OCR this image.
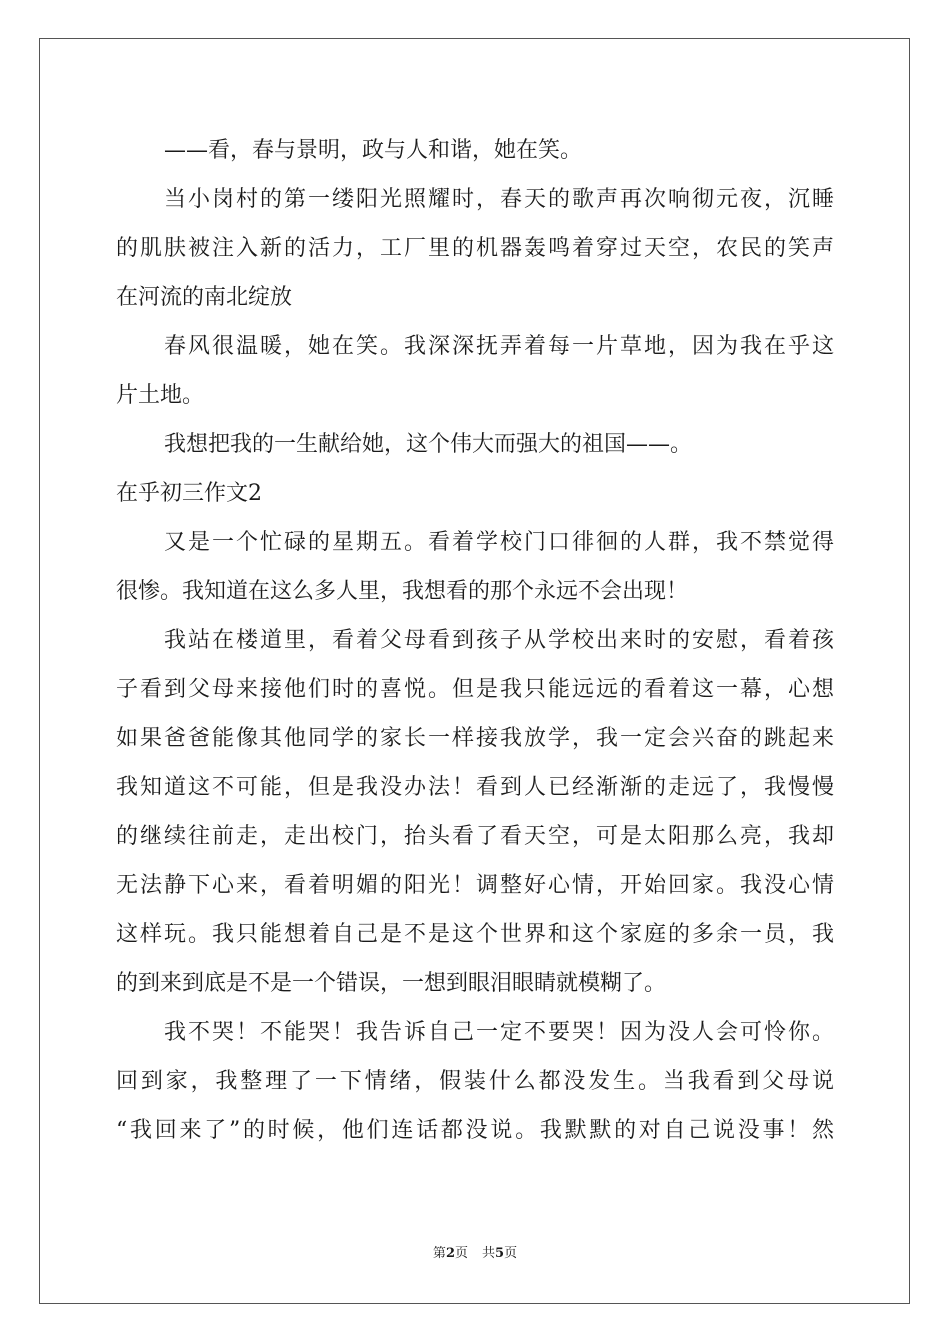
——看，春与景明，政与人和谐，她在笑。
当小岗村的第一缕阳光照耀时，春天的歌声再次响彻元夜，沉睡
的肌肤被注入新的活力，工厂里的机器轰鸣着穿过天空，农民的笑声
在河流的南北绽放
春风很温暖，她在笑。我深深抚弄着每一片草地，因为我在乎这
片土地。
我想把我的一生献给她，这个伟大而强大的祖国——。
在乎初三作文2
又是一个忙碌的星期五。看着学校门口徘徊的人群，我不禁觉得
很惨。我知道在这么多人里，我想看的那个永远不会出现！
我站在楼道里，看着父母看到孩子从学校出来时的安慰，看着孩
子看到父母来接他们时的喜悦。但是我只能远远的看着这一幕，心想
如果爸爸能像其他同学的家长一样接我放学，我一定会兴奋的跳起来
我知道这不可能，但是我没办法！看到人已经渐渐的走远了，我慢慢
的继续往前走，走出校门，抬头看了看天空，可是太阳那么亮，我却
无法静下心来，看着明媚的阳光！调整好心情，开始回家。我没心情
这样玩。我只能想着自己是不是这个世界和这个家庭的多余一员，我
的到来到底是不是一个错误，一想到眼泪眼睛就模糊了。
我不哭！不能哭！我告诉自己一定不要哭！因为没人会可怜你。
回到家，我整理了一下情绪，假装什么都没发生。当我看到父母说
“我回来了”的时候，他们连话都没说。我默默的对自己说没事！然
第2页 共5页
